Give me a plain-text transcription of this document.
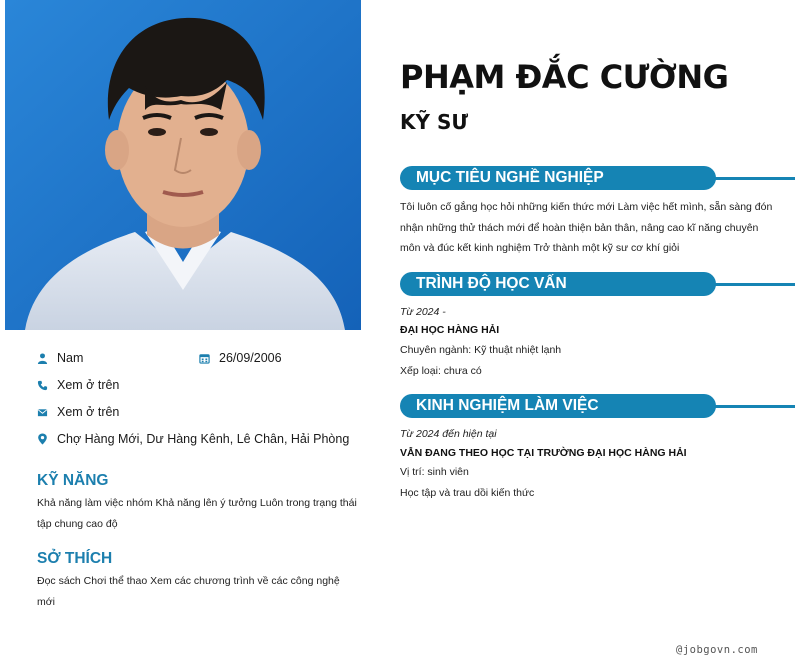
Nam	26/09/2006
Xem ở trên
Xem ở trên
Chợ Hàng Mới, Dư Hàng Kênh, Lê Chân, Hải Phòng
KỸ NĂNG
Khả năng làm việc nhóm Khả năng lên ý tưởng Luôn trong trạng thái tập chung cao độ
SỞ THÍCH
Đọc sách Chơi thể thao Xem các chương trình về các công nghệ mới
PHẠM ĐẮC CƯỜNG
KỸ SƯ
MỤC TIÊU NGHỀ NGHIỆP
Tôi luôn cố gắng học hỏi những kiến thức mới Làm việc hết mình, sẵn sàng đón nhận những thử thách mới để hoàn thiện bản thân, nâng cao kĩ năng chuyên môn và đúc kết kinh nghiệm Trở thành một kỹ sư cơ khí giỏi
TRÌNH ĐỘ HỌC VẤN
Từ 2024 -
ĐẠI HỌC HÀNG HẢI
Chuyên ngành: Kỹ thuật nhiệt lạnh
Xếp loại: chưa có
KINH NGHIỆM LÀM VIỆC
Từ 2024 đến hiện tại
VẪN ĐANG THEO HỌC TẠI TRƯỜNG ĐẠI HỌC HÀNG HẢI
Vị trí: sinh viên
Học tập và trau dồi kiến thức
@jobgovn.com
